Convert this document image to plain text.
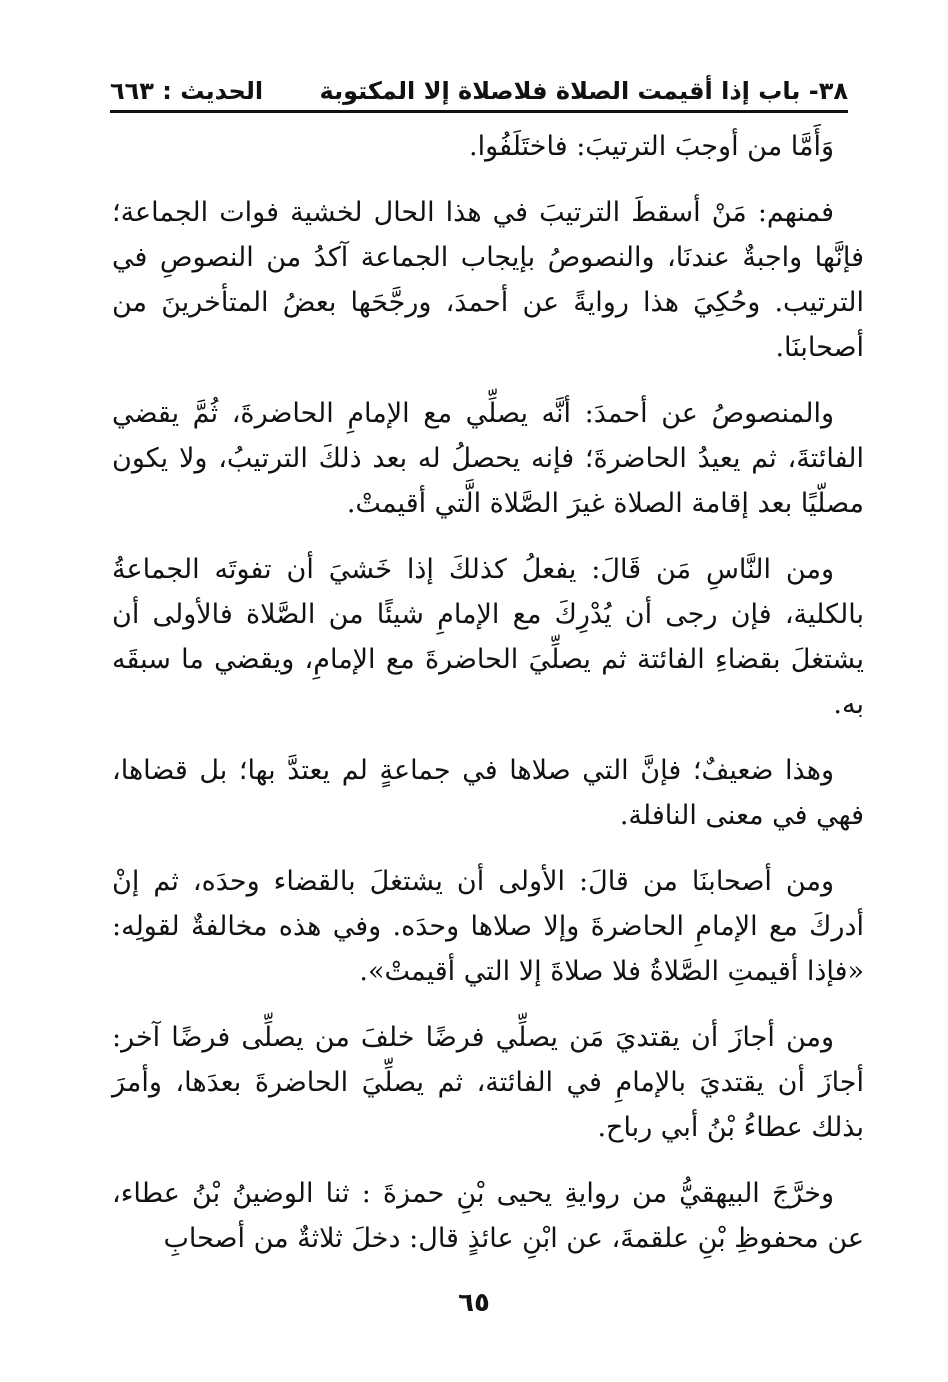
٣٨- باب إذا أقيمت الصلاة فلاصلاة إلا المكتوبة
الحديث : ٦٦٣

وَأَمَّا من أوجبَ الترتيبَ: فاختَلَفُوا.

فمنهم: مَنْ أسقطَ الترتيبَ في هذا الحال لخشية فوات الجماعة؛ فإنَّها واجبةٌ عندنَا، والنصوصُ بإيجاب الجماعة آكدُ من النصوصِ في الترتيب. وحُكِيَ هذا روايةً عن أحمدَ، ورجَّحَها بعضُ المتأخرينَ من أصحابنَا.

والمنصوصُ عن أحمدَ: أنَّه يصلِّي مع الإمامِ الحاضرةَ، ثُمَّ يقضي الفائتةَ، ثم يعيدُ الحاضرةَ؛ فإنه يحصلُ له بعد ذلكَ الترتيبُ، ولا يكون مصلّيًا بعد إقامة الصلاة غيرَ الصَّلاة الَّتي أقيمتْ.

ومن النَّاسِ مَن قَالَ: يفعلُ كذلكَ إذا خَشيَ أن تفوتَه الجماعةُ بالكلية، فإن رجى أن يُدْرِكَ مع الإمامِ شيئًا من الصَّلاة فالأولى أن يشتغلَ بقضاءِ الفائتة ثم يصلِّيَ الحاضرةَ مع الإمامِ، ويقضي ما سبقَه به.

وهذا ضعيفٌ؛ فإنَّ التي صلاها في جماعةٍ لم يعتدَّ بها؛ بل قضاها، فهي في معنى النافلة.

ومن أصحابنَا من قالَ: الأولى أن يشتغلَ بالقضاء وحدَه، ثم إنْ أدركَ مع الإمامِ الحاضرةَ وإلا صلاها وحدَه. وفي هذه مخالفةٌ لقولِه: «فإذا أقيمتِ الصَّلاةُ فلا صلاةَ إلا التي أقيمتْ».

ومن أجازَ أن يقتديَ مَن يصلِّي فرضًا خلفَ من يصلِّى فرضًا آخر: أجازَ أن يقتديَ بالإمامِ في الفائتة، ثم يصلِّيَ الحاضرةَ بعدَها، وأمرَ بذلك عطاءُ بْنُ أبي رباح.

وخرَّجَ البيهقيُّ من روايةِ يحيى بْنِ حمزةَ : ثنا الوضينُ بْنُ عطاء، عن محفوظِ بْنِ علقمةَ، عن ابْنِ عائذٍ قال: دخلَ ثلاثةٌ من أصحابِ

٦٥
